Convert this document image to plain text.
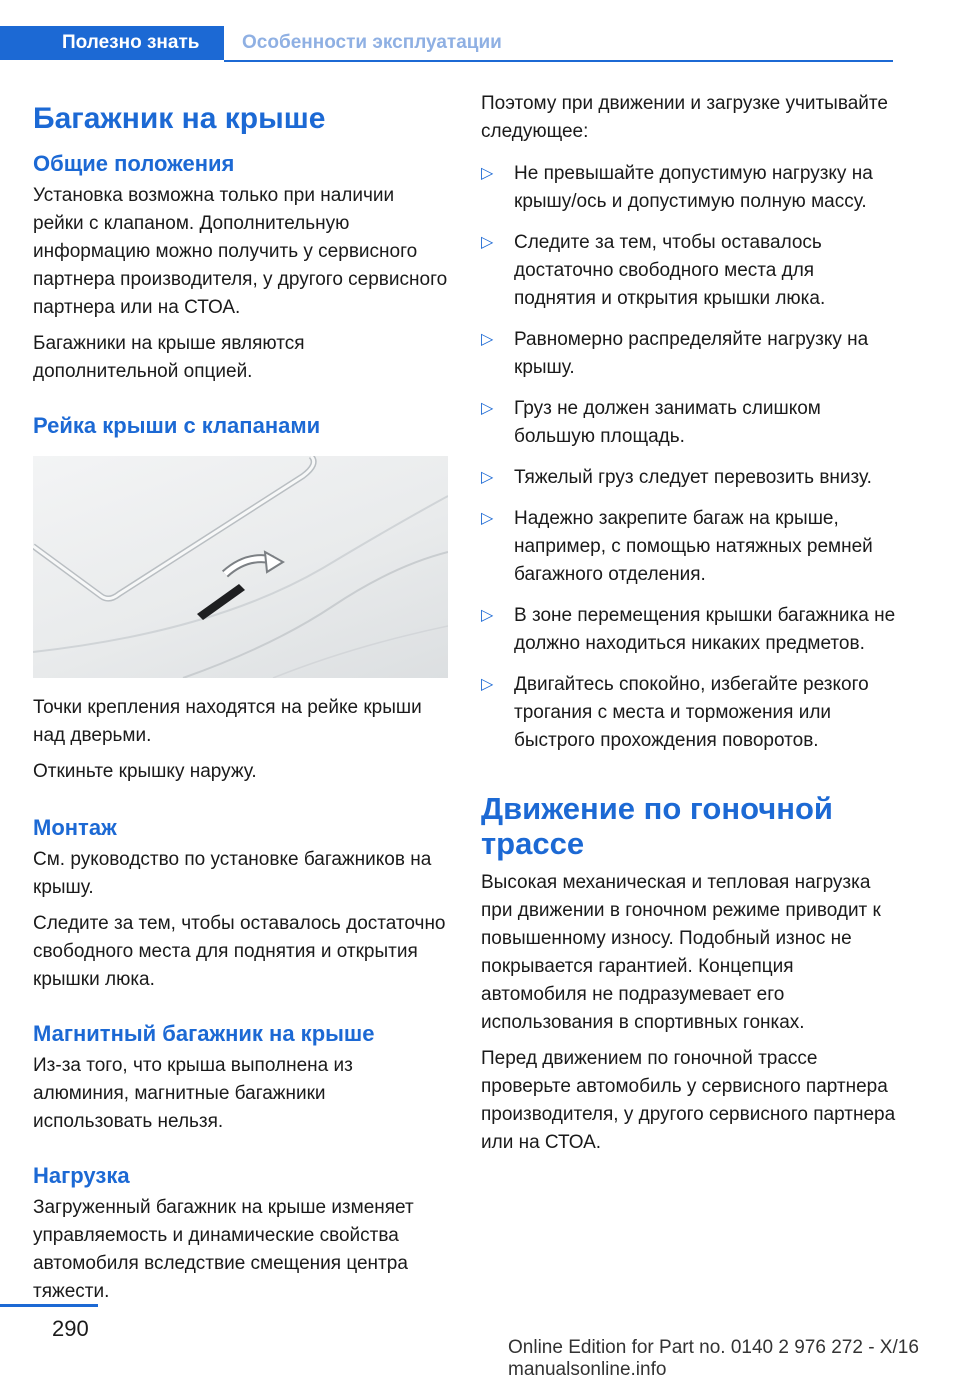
Полезно знать	Особенности эксплуатации
Багажник на крыше
Общие положения

Установка возможна только при наличии рейки с клапаном. Дополнительную информацию можно получить у сервисного партнера производителя, у другого сервисного партнера или на СТОА.

Багажники на крыше являются дополнительной опцией.

Рейка крыши с клапанами

Точки крепления находятся на рейке крыши над дверьми.

Откиньте крышку наружу.

Монтаж

См. руководство по установке багажников на крышу.

Следите за тем, чтобы оставалось достаточно свободного места для поднятия и открытия крышки люка.

Магнитный багажник на крыше

Из-за того, что крыша выполнена из алюминия, магнитные багажники использовать нельзя.

Нагрузка

Загруженный багажник на крыше изменяет управляемость и динамические свойства автомобиля вследствие смещения центра тяжести.

Поэтому при движении и загрузке учитывайте следующее:

▷ Не превышайте допустимую нагрузку на крышу/ось и допустимую полную массу.
▷ Следите за тем, чтобы оставалось достаточно свободного места для поднятия и открытия крышки люка.
▷ Равномерно распределяйте нагрузку на крышу.
▷ Груз не должен занимать слишком большую площадь.
▷ Тяжелый груз следует перевозить внизу.
▷ Надежно закрепите багаж на крыше, например, с помощью натяжных ремней багажного отделения.
▷ В зоне перемещения крышки багажника не должно находиться никаких предметов.
▷ Двигайтесь спокойно, избегайте резкого трогания с места и торможения или быстрого прохождения поворотов.
Движение по гоночной трассе

Высокая механическая и тепловая нагрузка при движении в гоночном режиме приводит к повышенному износу. Подобный износ не покрывается гарантией. Концепция автомобиля не подразумевает его использования в спортивных гонках.

Перед движением по гоночной трассе проверьте автомобиль у сервисного партнера производителя, у другого сервисного партнера или на СТОА.

290
Online Edition for Part no. 0140 2 976 272 - X/16 manualsonline.info
